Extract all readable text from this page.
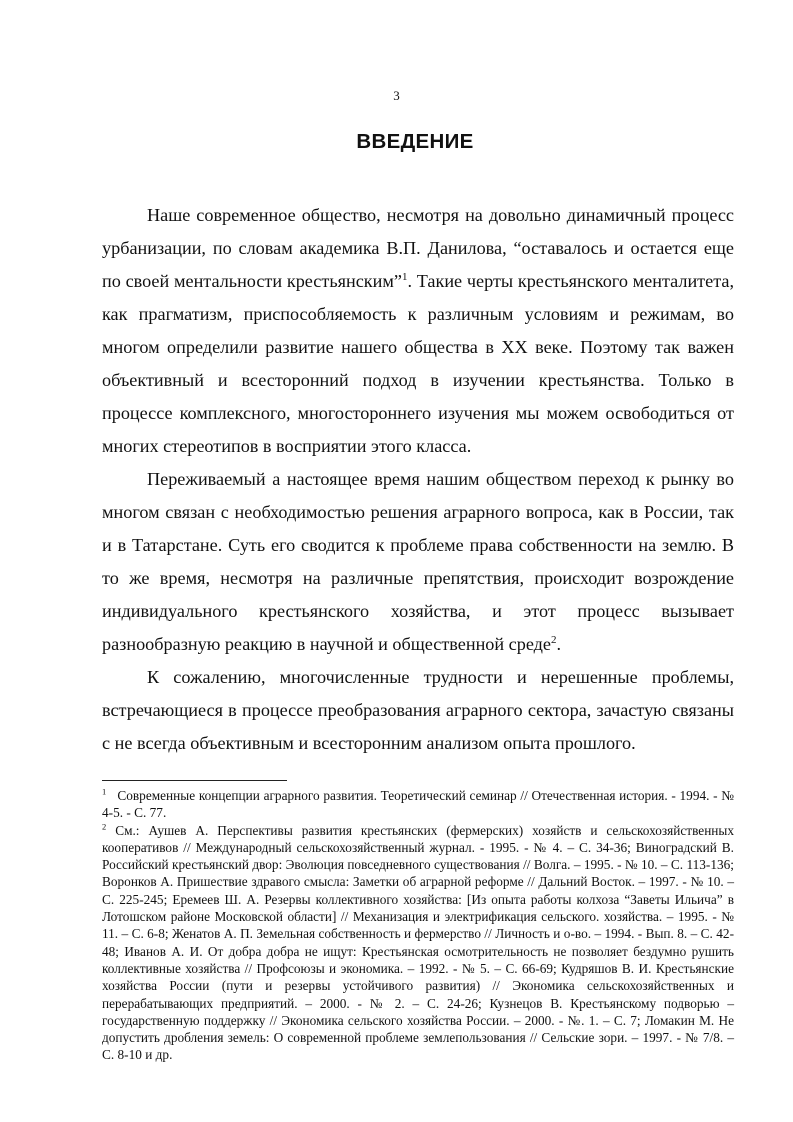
3
ВВЕДЕНИЕ

Наше современное общество, несмотря на довольно динамичный процесс урбанизации, по словам академика В.П. Данилова, “оставалось и остается еще по своей ментальности крестьянским”$^1$. Такие черты крестьянского менталитета, как прагматизм, приспособляемость к различным условиям и режимам, во многом определили развитие нашего общества в XX веке. Поэтому так важен объективный и всесторонний подход в изучении крестьянства. Только в процессе комплексного, многостороннего изучения мы можем освободиться от многих стереотипов в восприятии этого класса.

Переживаемый а настоящее время нашим обществом переход к рынку во многом связан с необходимостью решения аграрного вопроса, как в России, так и в Татарстане. Суть его сводится к проблеме права собственности на землю. В то же время, несмотря на различные препятствия, происходит возрождение индивидуального крестьянского хозяйства, и этот процесс вызывает разнообразную реакцию в научной и общественной среде$^2$.

К сожалению, многочисленные трудности и нерешенные проблемы, встречающиеся в процессе преобразования аграрного сектора, зачастую связаны с не всегда объективным и всесторонним анализом опыта прошлого.

$^1$ Современные концепции аграрного развития. Теоретический семинар // Отечественная история. - 1994. - № 4-5. - С. 77.

$^2$ См.: Аушев А. Перспективы развития крестьянских (фермерских) хозяйств и сельскохозяйственных кооперативов // Международный сельскохозяйственный журнал. - 1995. - № 4. – С. 34-36; Виноградский В. Российский крестьянский двор: Эволюция повседневного существования // Волга. – 1995. - № 10. – С. 113-136; Воронков А. Пришествие здравого смысла: Заметки об аграрной реформе // Дальний Восток. – 1997. - № 10. – С. 225-245; Еремеев Ш. А. Резервы коллективного хозяйства: [Из опыта работы колхоза “Заветы Ильича” в Лотошском районе Московской области] // Механизация и электрификация сельского. хозяйства. – 1995. - № 11. – С. 6-8; Женатов А. П. Земельная собственность и фермерство // Личность и о-во. – 1994. - Вып. 8. – С. 42-48; Иванов А. И. От добра добра не ищут: Крестьянская осмотрительность не позволяет бездумно рушить коллективные хозяйства // Профсоюзы и экономика. – 1992. - № 5. – С. 66-69; Кудряшов В. И. Крестьянские хозяйства России (пути и резервы устойчивого развития) // Экономика сельскохозяйственных и перерабатывающих предприятий. – 2000. - № 2. – С. 24-26; Кузнецов В. Крестьянскому подворью – государственную поддержку // Экономика сельского хозяйства России. – 2000. - №. 1. – С. 7; Ломакин М. Не допустить дробления земель: О современной проблеме землепользования // Сельские зори. – 1997. - № 7/8. – С. 8-10 и др.
